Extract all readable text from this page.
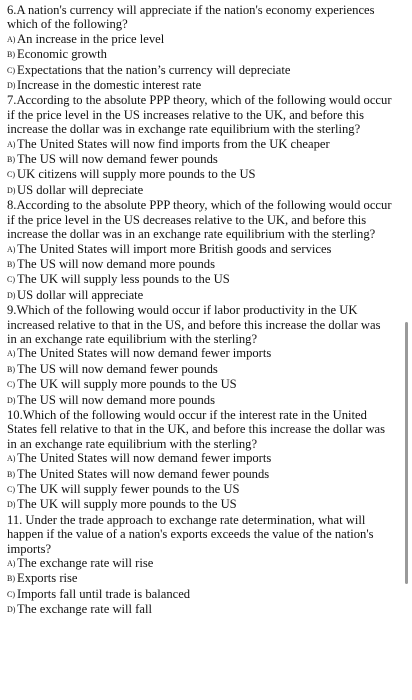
6.A nation's currency will appreciate if the nation's economy experiences which of the following?

A) An increase in the price level

B) Economic growth

C) Expectations that the nation’s currency will depreciate

D) Increase in the domestic interest rate

7.According to the absolute PPP theory, which of the following would occur if the price level in the US increases relative to the UK, and before this increase the dollar was in exchange rate equilibrium with the sterling?

A) The United States will now find imports from the UK cheaper

B) The US will now demand fewer pounds

C) UK citizens will supply more pounds to the US

D) US dollar will depreciate

8.According to the absolute PPP theory, which of the following would occur if the price level in the US decreases relative to the UK, and before this increase the dollar was in an exchange rate equilibrium with the sterling?

A) The United States will import more British goods and services

B) The US will now demand more pounds

C) The UK will supply less pounds to the US

D) US dollar will appreciate

9.Which of the following would occur if labor productivity in the UK increased relative to that in the US, and before this increase the dollar was in an exchange rate equilibrium with the sterling?

A) The United States will now demand fewer imports

B) The US will now demand fewer pounds

C) The UK will supply more pounds to the US

D) The US will now demand more pounds

10.Which of the following would occur if the interest rate in the United States fell relative to that in the UK, and before this increase the dollar was in an exchange rate equilibrium with the sterling?

A) The United States will now demand fewer imports

B) The United States will now demand fewer pounds

C) The UK will supply fewer pounds to the US

D) The UK will supply more pounds to the US

11. Under the trade approach to exchange rate determination, what will happen if the value of a nation's exports exceeds the value of the nation's imports?

A) The exchange rate will rise

B) Exports rise

C) Imports fall until trade is balanced

D) The exchange rate will fall
